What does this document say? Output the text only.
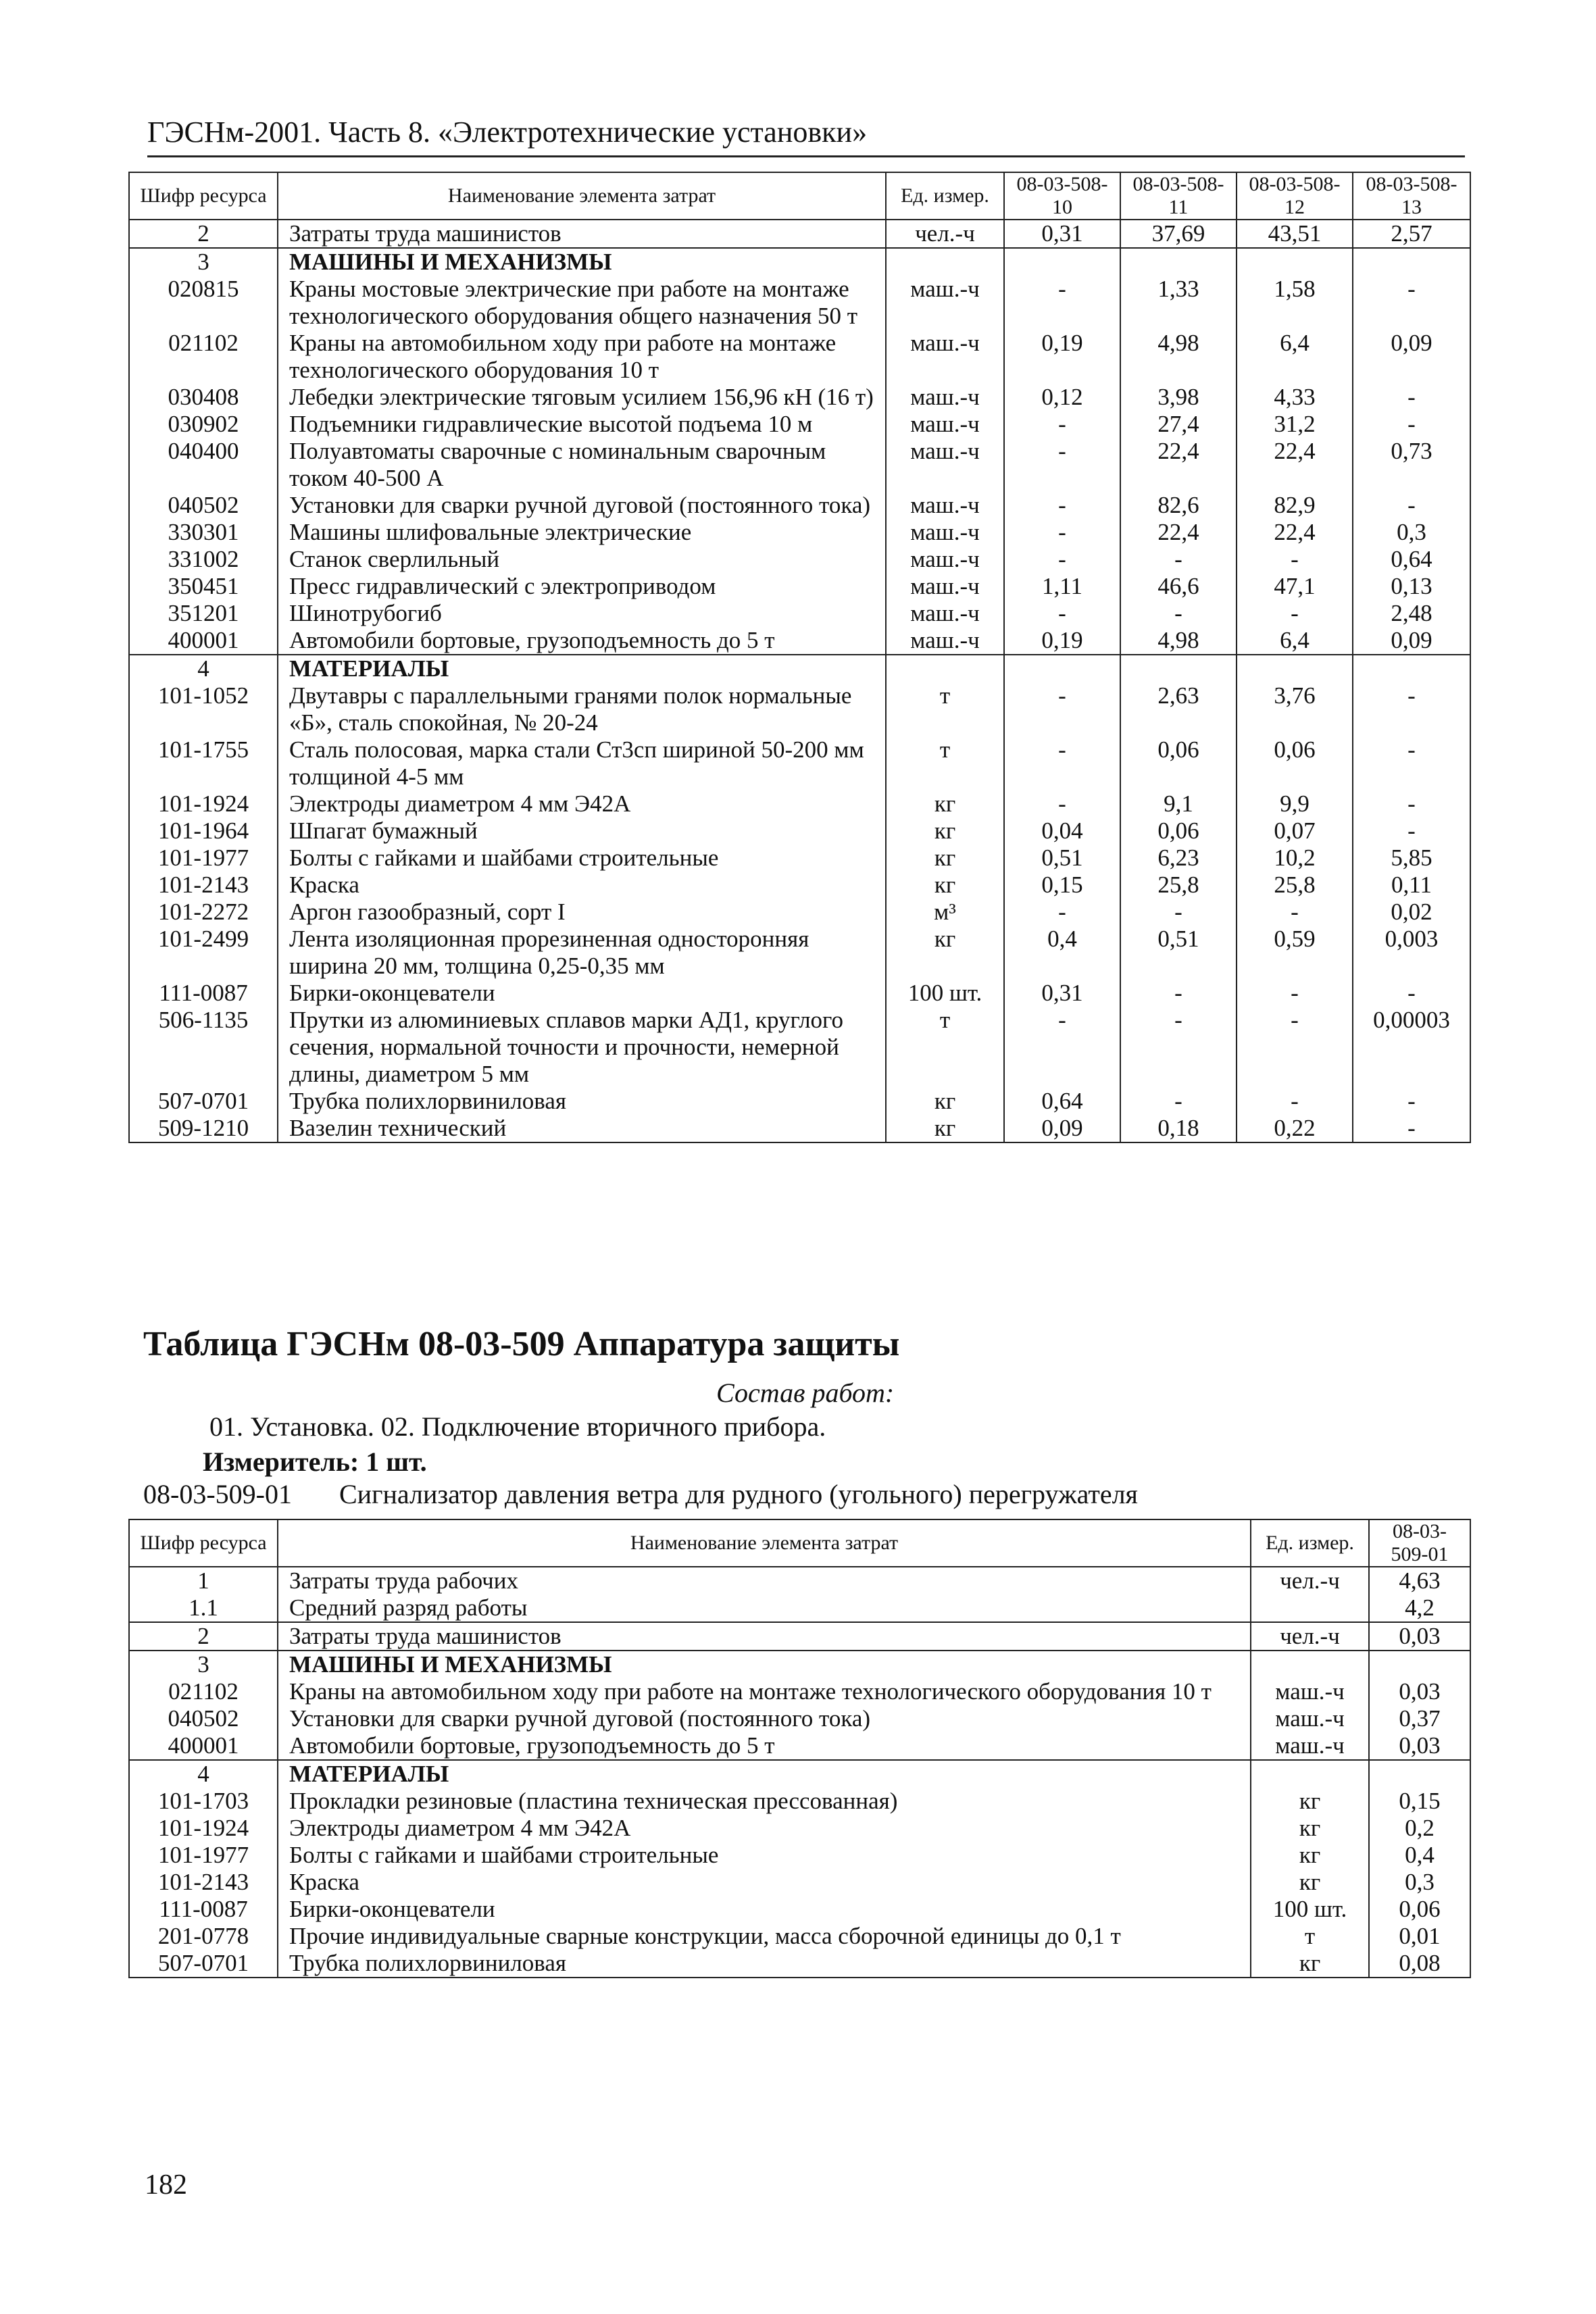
ГЭСНм-2001. Часть 8. «Электротехнические установки»
Шифр ресурса	Наименование элемента затрат	Ед. измер.	08-03-508-10	08-03-508-11	08-03-508-12	08-03-508-13
2	Затраты труда машинистов	чел.-ч	0,31	37,69	43,51	2,57
3	МАШИНЫ И МЕХАНИЗМЫ					
020815	Краны мостовые электрические при работе на монтаже технологического оборудования общего назначения 50 т	маш.-ч	-	1,33	1,58	-
021102	Краны на автомобильном ходу при работе на монтаже технологического оборудования 10 т	маш.-ч	0,19	4,98	6,4	0,09
030408	Лебедки электрические тяговым усилием 156,96 кН (16 т)	маш.-ч	0,12	3,98	4,33	-
030902	Подъемники гидравлические высотой подъема 10 м	маш.-ч	-	27,4	31,2	-
040400	Полуавтоматы сварочные с номинальным сварочным током 40-500 А	маш.-ч	-	22,4	22,4	0,73
040502	Установки для сварки ручной дуговой (постоянного тока)	маш.-ч	-	82,6	82,9	-
330301	Машины шлифовальные электрические	маш.-ч	-	22,4	22,4	0,3
331002	Станок сверлильный	маш.-ч	-	-	-	0,64
350451	Пресс гидравлический с электроприводом	маш.-ч	1,11	46,6	47,1	0,13
351201	Шинотрубогиб	маш.-ч	-	-	-	2,48
400001	Автомобили бортовые, грузоподъемность до 5 т	маш.-ч	0,19	4,98	6,4	0,09
4	МАТЕРИАЛЫ					
101-1052	Двутавры с параллельными гранями полок нормальные «Б», сталь спокойная, № 20-24	т	-	2,63	3,76	-
101-1755	Сталь полосовая, марка стали Ст3сп шириной 50-200 мм толщиной 4-5 мм	т	-	0,06	0,06	-
101-1924	Электроды диаметром 4 мм Э42А	кг	-	9,1	9,9	-
101-1964	Шпагат бумажный	кг	0,04	0,06	0,07	-
101-1977	Болты с гайками и шайбами строительные	кг	0,51	6,23	10,2	5,85
101-2143	Краска	кг	0,15	25,8	25,8	0,11
101-2272	Аргон газообразный, сорт I	м³	-	-	-	0,02
101-2499	Лента изоляционная прорезиненная односторонняя ширина 20 мм, толщина 0,25-0,35 мм	кг	0,4	0,51	0,59	0,003
111-0087	Бирки-оконцеватели	100 шт.	0,31	-	-	-
506-1135	Прутки из алюминиевых сплавов марки АД1, круглого сечения, нормальной точности и прочности, немерной длины, диаметром 5 мм	т	-	-	-	0,00003
507-0701	Трубка полихлорвиниловая	кг	0,64	-	-	-
509-1210	Вазелин технический	кг	0,09	0,18	0,22	-
Таблица ГЭСНм 08-03-509 Аппаратура защиты
Состав работ:
01. Установка. 02. Подключение вторичного прибора.
Измеритель: 1 шт.
08-03-509-01 Сигнализатор давления ветра для рудного (угольного) перегружателя
Шифр ресурса	Наименование элемента затрат	Ед. измер.	08-03-509-01
1	Затраты труда рабочих	чел.-ч	4,63
1.1	Средний разряд работы		4,2
2	Затраты труда машинистов	чел.-ч	0,03
3	МАШИНЫ И МЕХАНИЗМЫ		
021102	Краны на автомобильном ходу при работе на монтаже технологического оборудования 10 т	маш.-ч	0,03
040502	Установки для сварки ручной дуговой (постоянного тока)	маш.-ч	0,37
400001	Автомобили бортовые, грузоподъемность до 5 т	маш.-ч	0,03
4	МАТЕРИАЛЫ		
101-1703	Прокладки резиновые (пластина техническая прессованная)	кг	0,15
101-1924	Электроды диаметром 4 мм Э42А	кг	0,2
101-1977	Болты с гайками и шайбами строительные	кг	0,4
101-2143	Краска	кг	0,3
111-0087	Бирки-оконцеватели	100 шт.	0,06
201-0778	Прочие индивидуальные сварные конструкции, масса сборочной единицы до 0,1 т	т	0,01
507-0701	Трубка полихлорвиниловая	кг	0,08
182
